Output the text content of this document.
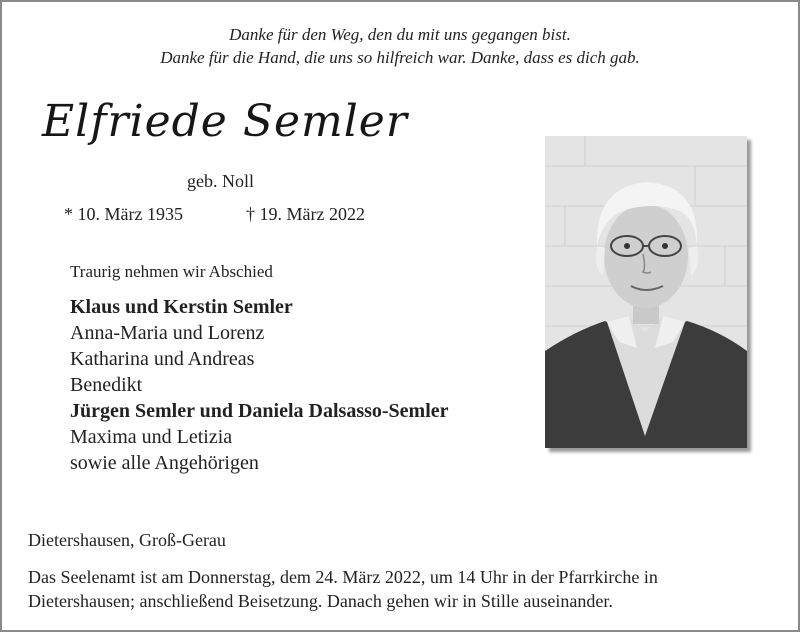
Danke für den Weg, den du mit uns gegangen bist.
Danke für die Hand, die uns so hilfreich war. Danke, dass es dich gab.
Elfriede Semler
geb. Noll
* 10. März 1935	† 19. März 2022
Traurig nehmen wir Abschied
Klaus und Kerstin Semler
Anna-Maria und Lorenz
Katharina und Andreas
Benedikt
Jürgen Semler und Daniela Dalsasso-Semler
Maxima und Letizia
sowie alle Angehörigen
Dietershausen, Groß-Gerau
Das Seelenamt ist am Donnerstag, dem 24. März 2022, um 14 Uhr in der Pfarrkirche in
Dietershausen; anschließend Beisetzung. Danach gehen wir in Stille auseinander.
